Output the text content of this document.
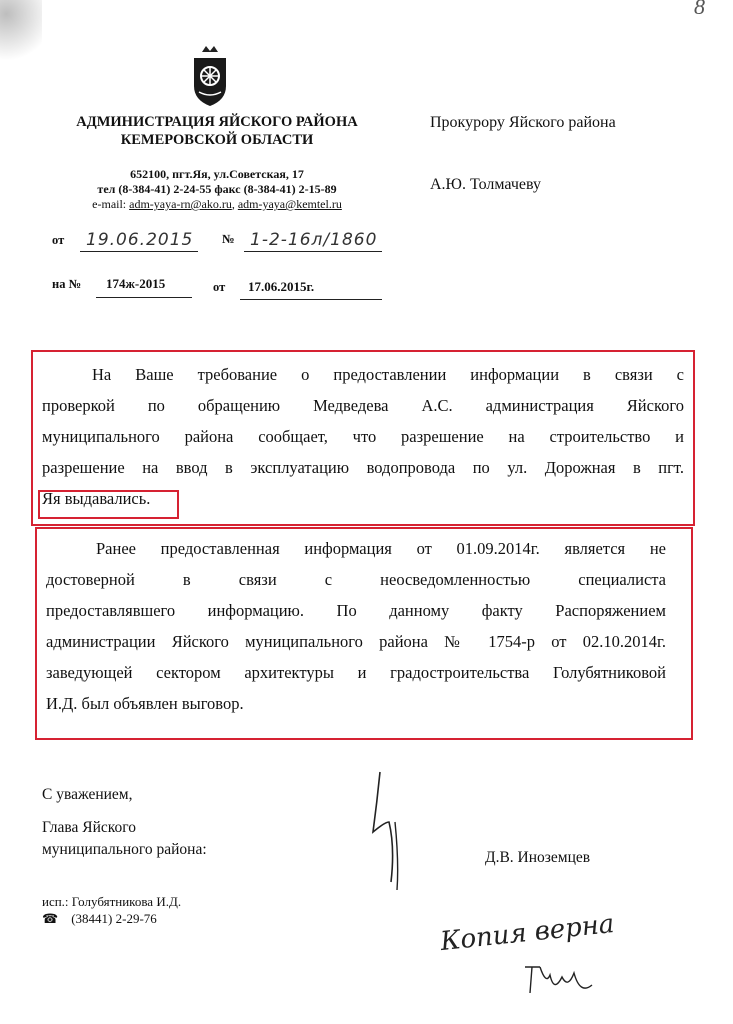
8
АДМИНИСТРАЦИЯ ЯЙСКОГО РАЙОНА
КЕМЕРОВСКОЙ ОБЛАСТИ
652100, пгт.Яя, ул.Советская, 17
тел (8-384-41) 2-24-55 факс (8-384-41) 2-15-89
e-mail: adm-yaya-rn@ako.ru, adm-yaya@kemtel.ru
от 19.06.2015 № 1-2-16л/1860
на № 174ж-2015	от 17.06.2015г.
Прокурору Яйского района
А.Ю. Толмачеву
На Ваше требование о предоставлении информации в связи с
проверкой по обращению Медведева А.С. администрация Яйского
муниципального района сообщает, что разрешение на строительство и
разрешение на ввод в эксплуатацию водопровода по ул. Дорожная в пгт.
Яя выдавались.
Ранее предоставленная информация от 01.09.2014г. является не
достоверной в связи с неосведомленностью специалиста
предоставлявшего информацию. По данному факту Распоряжением
администрации Яйского муниципального района № 1754-р от 02.10.2014г.
заведующей сектором архитектуры и градостроительства Голубятниковой
И.Д. был объявлен выговор.
С уважением,
Глава Яйского
муниципального района:	Д.В. Иноземцев
исп.: Голубятникова И.Д.
☎ (38441) 2-29-76	Копия верна
